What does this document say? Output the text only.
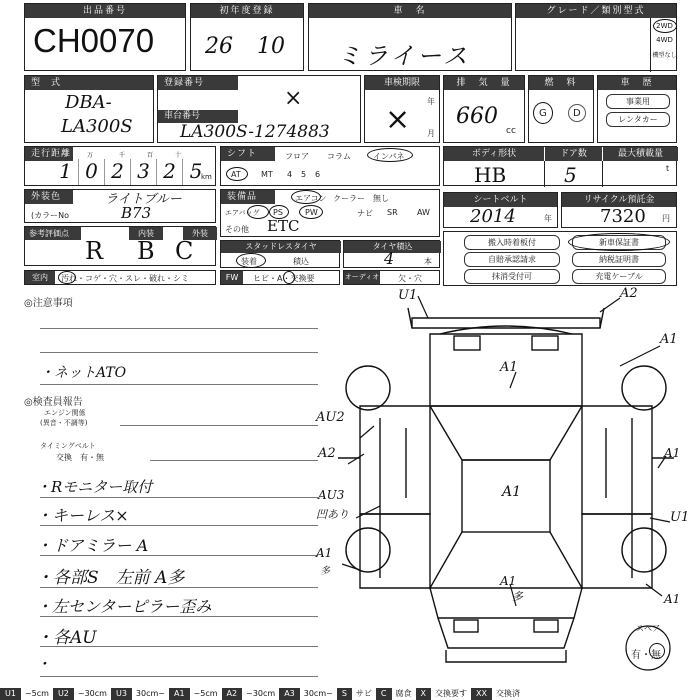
出品番号
CH0070
初年度登録
26 10
車　名
ミライース
グレード／類別型式
2WD
4WD
機型なし
型　式
DBA-
LA300S
登録番号
×
車台番号
LA300S-1274883
車検期限
年
月
×
排　気　量
660
cc
燃　料
G	D
車　歴
事業用
レンタカー
走行距離	万	千	百	十
1 0 2 3 2 5
km
シフト	フロア コラム	インパネ
AT	MT 4 5 6
ボディ形状	ドア数	最大積載量
HB	5	t
外装色	ライトブルー
(カラーNo	B73
装備品	エアコン クーラー 無し
エアバッグ PS	PW	ナビ SR AW
その他 ETC
シートベルト
2014	年
リサイクル預託金
7320 円
参考評価点	内装	外装
R B C	スタッドレスタイヤ
装着	積込
タイヤ積込
4	本
搬入時着板付	新車保証書
自賠承認請求	納税証明書
抹消受付可	充電ケーブル
室内	汚れ・コゲ・穴・スレ・破れ・シミ	FW	ヒビ・A・交換要	オーディオ 欠・穴
◎注意事項
・ネットATO
◎検査員報告
エンジン関係
(異音・不調等)
タイミングベルト
交換　有・無
・Rモニター取付
・キーレス×
・ドアミラー A
・各部S　左前 A多
・左センターピラー歪み
・各AU
・
U1	A2
A1
A1
AU2
A2
A1
AU3
凹あり
A1
多
U1
A1
多	A1
A1
スペア
有・無
U1	~5cm	U2	~30cm	U3	30cm~	A1	~5cm	A2	~30cm	A3	30cm~	S	サビ	C	腐食	X	交換要す	XX	交換済
